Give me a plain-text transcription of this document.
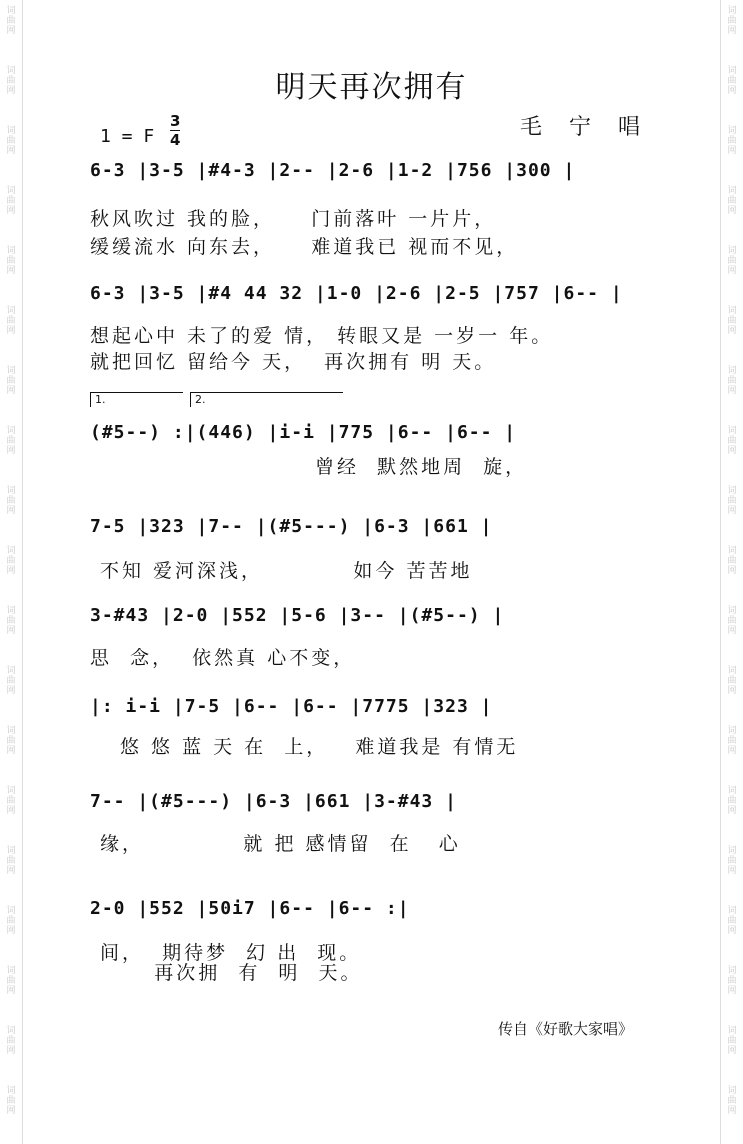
词
曲
网
词
曲
网
词
曲
网
词
曲
网
词
曲
网
词
曲
网
词
曲
网
词
曲
网
词
曲
网
词
曲
网
词
曲
网
词
曲
网
词
曲
网
词
曲
网
词
曲
网
词
曲
网
词
曲
网
词
曲
网
词
曲
网
词
曲
网
词
曲
网
词
曲
网
词
曲
网
词
曲
网
词
曲
网
词
曲
网
词
曲
网
词
曲
网
词
曲
网
词
曲
网
词
曲
网
词
曲
网
词
曲
网
词
曲
网
词
曲
网
词
曲
网
词
曲
网
词
曲
网
明天再次拥有
毛 宁 唱
1 = F
3
4
6-3 |3-5 |#4-3 |2-- |2-6 |1-2 |756 |300 |
秋风吹过 我的脸，    门前落叶 一片片，
缓缓流水 向东去，    难道我已 视而不见，
6-3 |3-5 |#4 44 32 |1-0 |2-6 |2-5 |757 |6-- |
想起心中 未了的爱 情， 转眼又是 一岁一 年。
就把回忆 留给今 天，  再次拥有 明 天。
1.	2.
(#5--) :|(446) |i-i |775 |6-- |6-- |
曾经  默然地周  旋，
7-5 |323 |7-- |(#5---) |6-3 |661 |
不知 爱河深浅，          如今 苦苦地
3-#43 |2-0 |552 |5-6 |3-- |(#5--) |
思  念，  依然真 心不变，
|: i-i |7-5 |6-- |6-- |7775 |323 |
悠 悠 蓝 天 在  上，   难道我是 有情无
7-- |(#5---) |6-3 |661 |3-#43 |
缘，           就 把 感情留  在   心
2-0 |552 |50i7 |6-- |6-- :|
间，  期待梦  幻 出  现。
再次拥  有  明  天。
传自《好歌大家唱》
